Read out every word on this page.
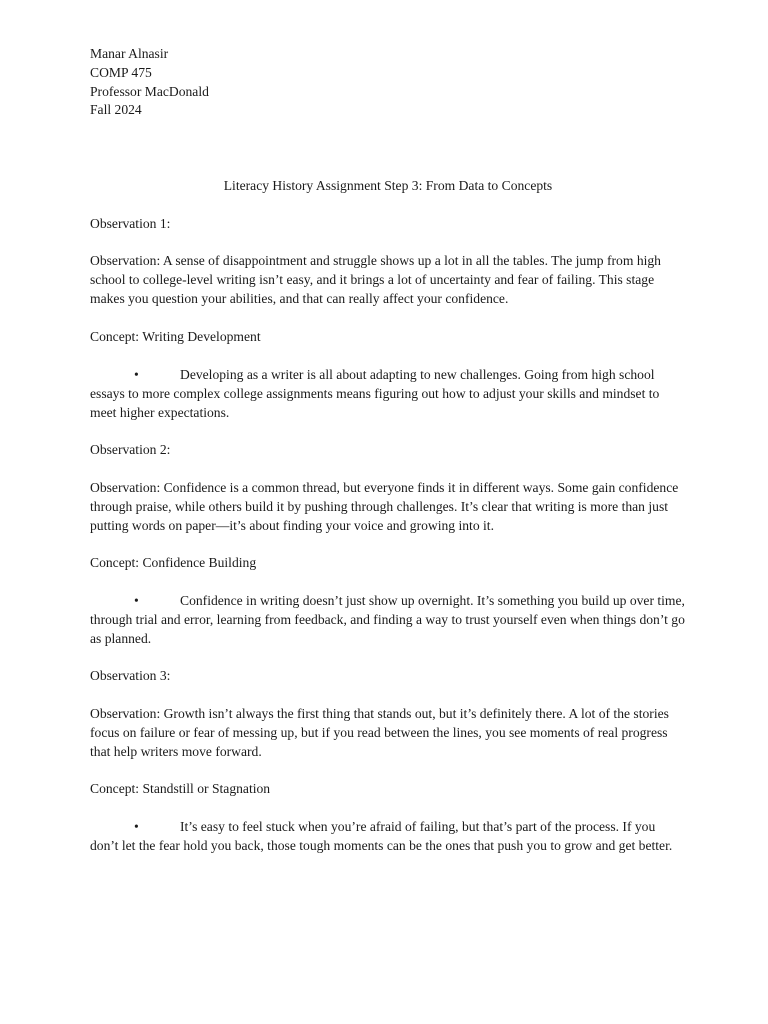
Manar Alnasir

COMP 475

Professor MacDonald

Fall 2024

Literacy History Assignment Step 3: From Data to Concepts

Observation 1:

Observation: A sense of disappointment and struggle shows up a lot in all the tables. The jump from high school to college-level writing isn’t easy, and it brings a lot of uncertainty and fear of failing. This stage makes you question your abilities, and that can really affect your confidence.

Concept: Writing Development

•	Developing as a writer is all about adapting to new challenges. Going from high school essays to more complex college assignments means figuring out how to adjust your skills and mindset to meet higher expectations.

Observation 2:

Observation: Confidence is a common thread, but everyone finds it in different ways. Some gain confidence through praise, while others build it by pushing through challenges. It’s clear that writing is more than just putting words on paper—it’s about finding your voice and growing into it.

Concept: Confidence Building

•	Confidence in writing doesn’t just show up overnight. It’s something you build up over time, through trial and error, learning from feedback, and finding a way to trust yourself even when things don’t go as planned.

Observation 3:

Observation: Growth isn’t always the first thing that stands out, but it’s definitely there. A lot of the stories focus on failure or fear of messing up, but if you read between the lines, you see moments of real progress that help writers move forward.

Concept: Standstill or Stagnation

•	It’s easy to feel stuck when you’re afraid of failing, but that’s part of the process. If you don’t let the fear hold you back, those tough moments can be the ones that push you to grow and get better.
